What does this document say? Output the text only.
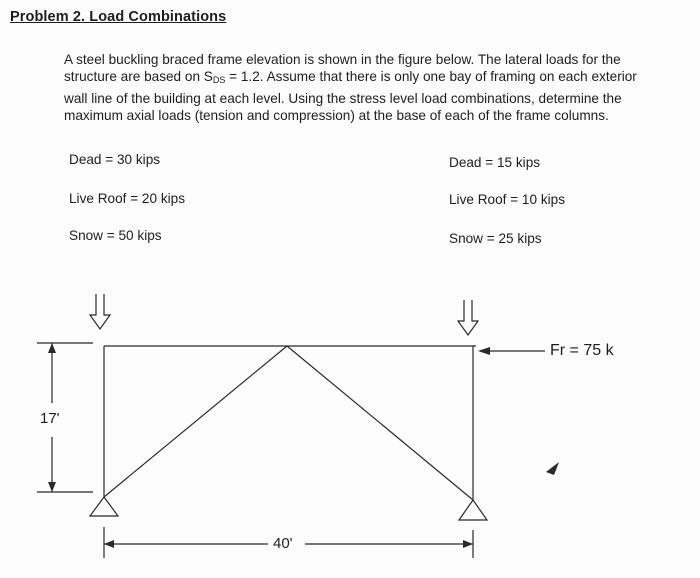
Problem 2. Load Combinations
A steel buckling braced frame elevation is shown in the figure below. The lateral loads for the
structure are based on $S_{DS} = 1.2$. Assume that there is only one bay of framing on each exterior
wall line of the building at each level. Using the stress level load combinations, determine the
maximum axial loads (tension and compression) at the base of each of the frame columns.
Dead = 30 kips
Live Roof = 20 kips
Snow = 50 kips
Dead = 15 kips
Live Roof = 10 kips
Snow = 25 kips
Fr = 75 k
17'
40'
